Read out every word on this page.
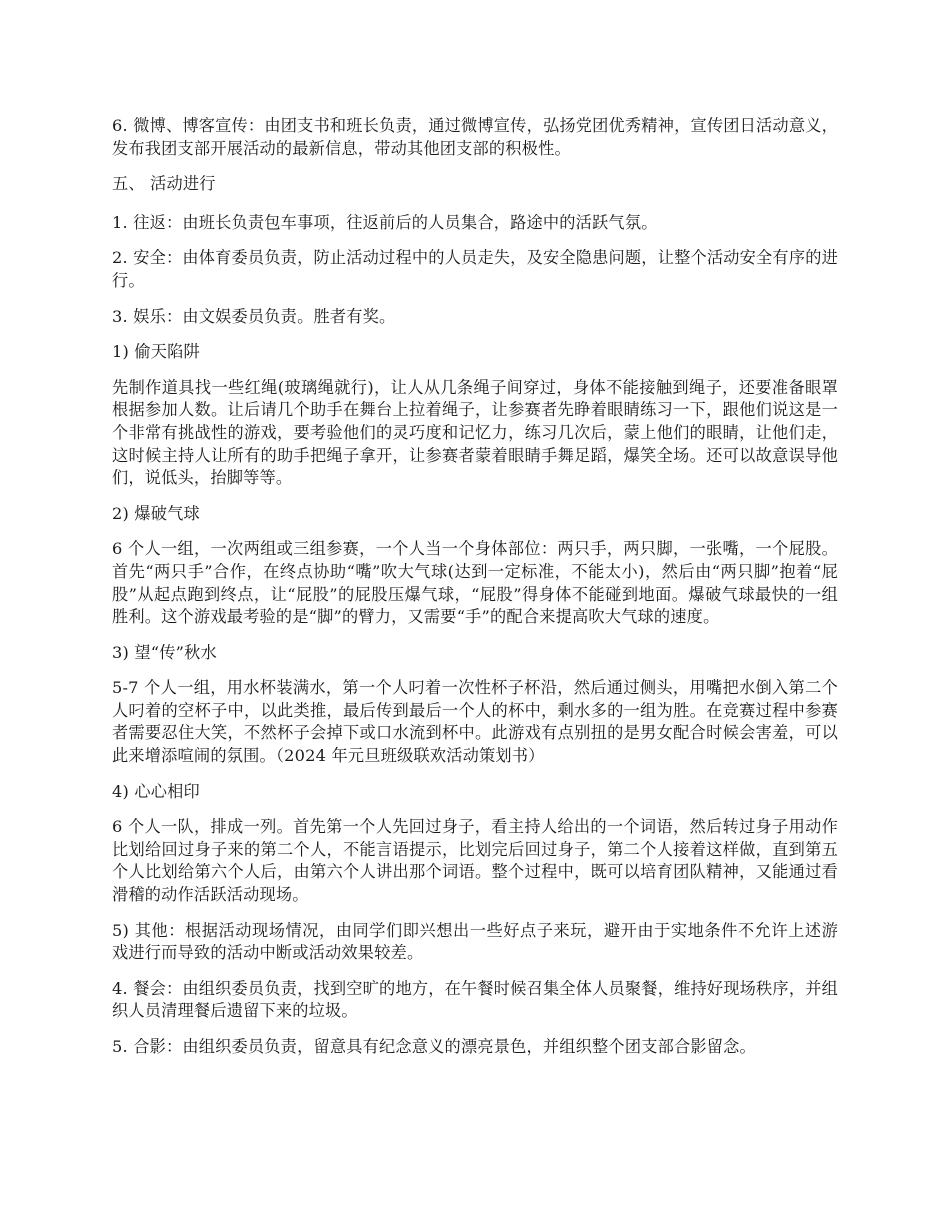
6. 微博、博客宣传：由团支书和班长负责，通过微博宣传，弘扬党团优秀精神，宣传团日活动意义，发布我团支部开展活动的最新信息，带动其他团支部的积极性。

五、 活动进行

1. 往返：由班长负责包车事项，往返前后的人员集合，路途中的活跃气氛。

2. 安全：由体育委员负责，防止活动过程中的人员走失，及安全隐患问题，让整个活动安全有序的进行。

3. 娱乐：由文娱委员负责。胜者有奖。

1) 偷天陷阱

先制作道具找一些红绳(玻璃绳就行)，让人从几条绳子间穿过，身体不能接触到绳子，还要准备眼罩根据参加人数。让后请几个助手在舞台上拉着绳子，让参赛者先睁着眼睛练习一下，跟他们说这是一个非常有挑战性的游戏，要考验他们的灵巧度和记忆力，练习几次后，蒙上他们的眼睛，让他们走，这时候主持人让所有的助手把绳子拿开，让参赛者蒙着眼睛手舞足蹈，爆笑全场。还可以故意误导他们，说低头，抬脚等等。

2) 爆破气球

6 个人一组，一次两组或三组参赛，一个人当一个身体部位：两只手，两只脚，一张嘴，一个屁股。首先“两只手”合作，在终点协助“嘴”吹大气球(达到一定标准，不能太小)，然后由“两只脚”抱着“屁股”从起点跑到终点，让“屁股”的屁股压爆气球，“屁股”得身体不能碰到地面。爆破气球最快的一组胜利。这个游戏最考验的是“脚”的臂力，又需要“手”的配合来提高吹大气球的速度。

3) 望“传”秋水

5-7 个人一组，用水杯装满水，第一个人叼着一次性杯子杯沿，然后通过侧头，用嘴把水倒入第二个人叼着的空杯子中，以此类推，最后传到最后一个人的杯中，剩水多的一组为胜。在竞赛过程中参赛者需要忍住大笑，不然杯子会掉下或口水流到杯中。此游戏有点别扭的是男女配合时候会害羞，可以此来增添喧闹的氛围。（2024 年元旦班级联欢活动策划书）

4) 心心相印

6 个人一队，排成一列。首先第一个人先回过身子，看主持人给出的一个词语，然后转过身子用动作比划给回过身子来的第二个人，不能言语提示，比划完后回过身子，第二个人接着这样做，直到第五个人比划给第六个人后，由第六个人讲出那个词语。整个过程中，既可以培育团队精神，又能通过看滑稽的动作活跃活动现场。

5) 其他：根据活动现场情况，由同学们即兴想出一些好点子来玩，避开由于实地条件不允许上述游戏进行而导致的活动中断或活动效果较差。

4. 餐会：由组织委员负责，找到空旷的地方，在午餐时候召集全体人员聚餐，维持好现场秩序，并组织人员清理餐后遗留下来的垃圾。

5. 合影：由组织委员负责，留意具有纪念意义的漂亮景色，并组织整个团支部合影留念。
